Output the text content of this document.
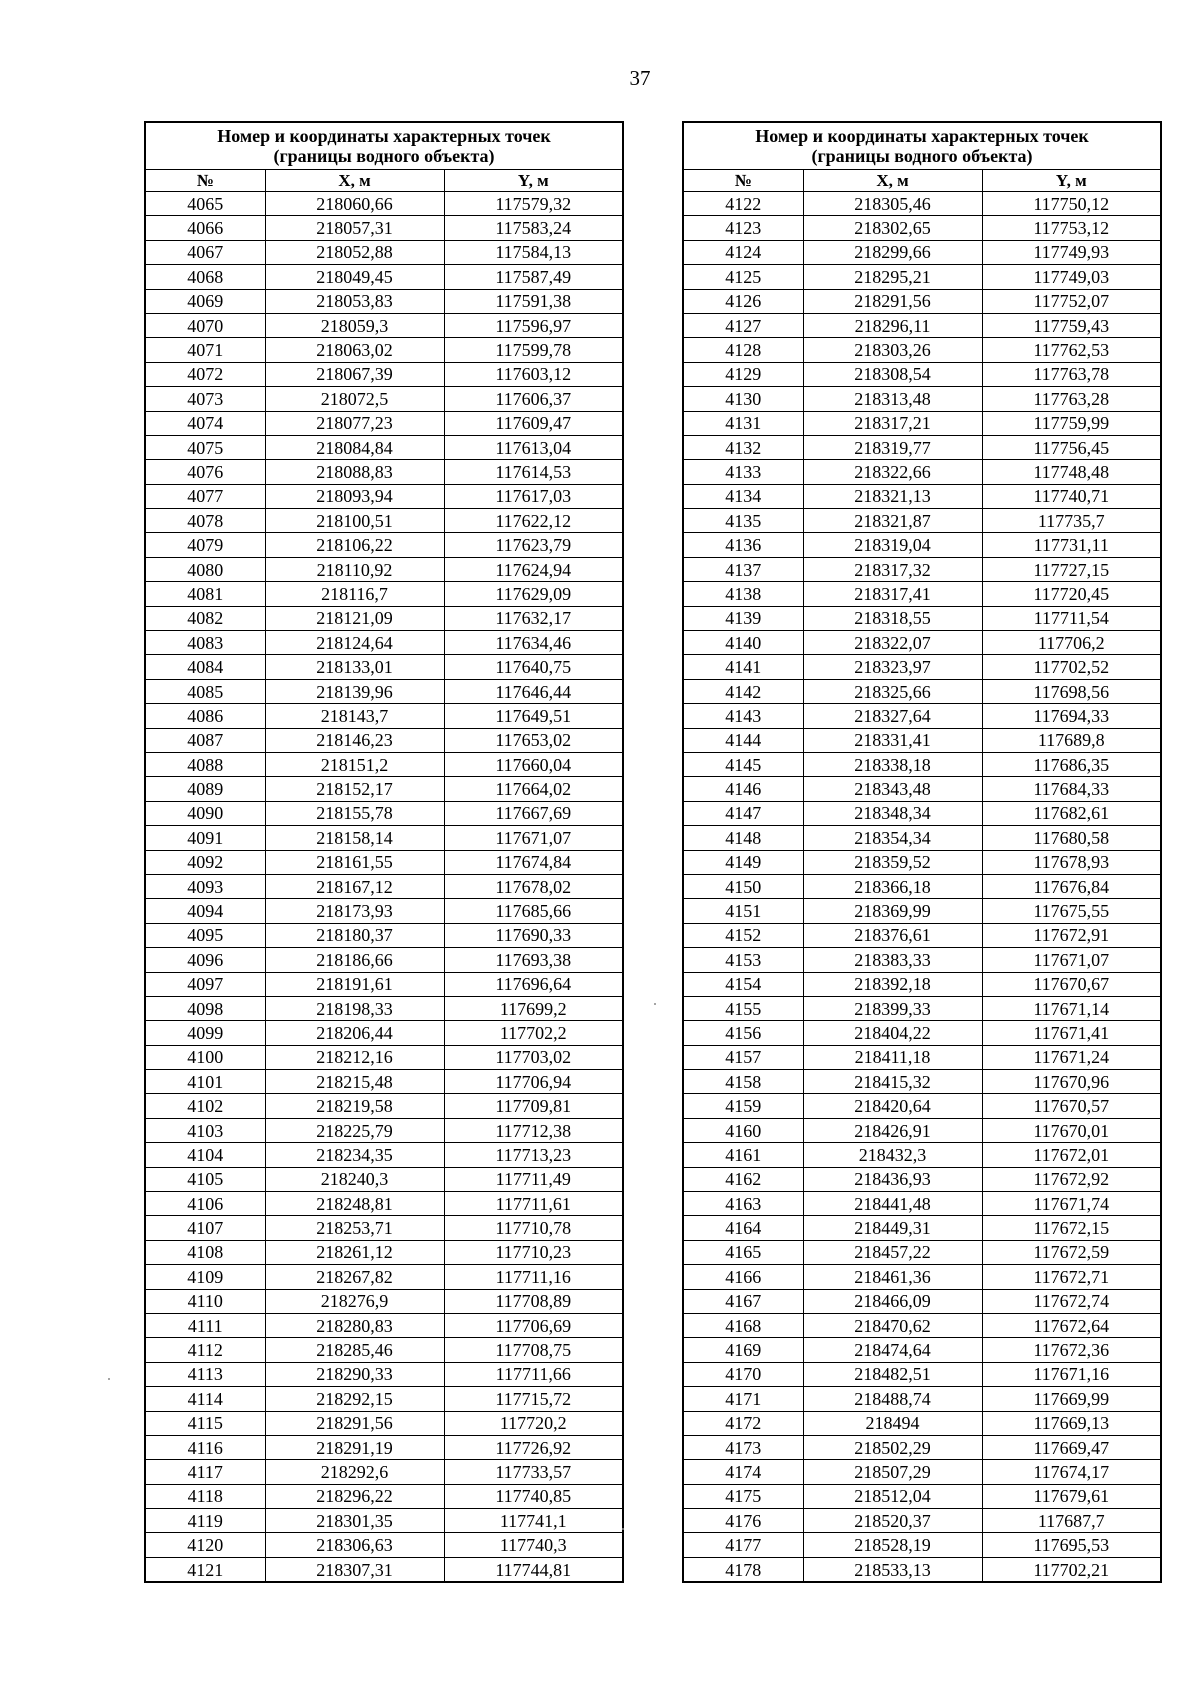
37
Номер и координаты характерных точек
(границы водного объекта)		
№	X, м	Y, м
4065	218060,66	117579,32
4066	218057,31	117583,24
4067	218052,88	117584,13
4068	218049,45	117587,49
4069	218053,83	117591,38
4070	218059,3	117596,97
4071	218063,02	117599,78
4072	218067,39	117603,12
4073	218072,5	117606,37
4074	218077,23	117609,47
4075	218084,84	117613,04
4076	218088,83	117614,53
4077	218093,94	117617,03
4078	218100,51	117622,12
4079	218106,22	117623,79
4080	218110,92	117624,94
4081	218116,7	117629,09
4082	218121,09	117632,17
4083	218124,64	117634,46
4084	218133,01	117640,75
4085	218139,96	117646,44
4086	218143,7	117649,51
4087	218146,23	117653,02
4088	218151,2	117660,04
4089	218152,17	117664,02
4090	218155,78	117667,69
4091	218158,14	117671,07
4092	218161,55	117674,84
4093	218167,12	117678,02
4094	218173,93	117685,66
4095	218180,37	117690,33
4096	218186,66	117693,38
4097	218191,61	117696,64
4098	218198,33	117699,2
4099	218206,44	117702,2
4100	218212,16	117703,02
4101	218215,48	117706,94
4102	218219,58	117709,81
4103	218225,79	117712,38
4104	218234,35	117713,23
4105	218240,3	117711,49
4106	218248,81	117711,61
4107	218253,71	117710,78
4108	218261,12	117710,23
4109	218267,82	117711,16
4110	218276,9	117708,89
4111	218280,83	117706,69
4112	218285,46	117708,75
4113	218290,33	117711,66
4114	218292,15	117715,72
4115	218291,56	117720,2
4116	218291,19	117726,92
4117	218292,6	117733,57
4118	218296,22	117740,85
4119	218301,35	117741,1
4120	218306,63	117740,3
4121	218307,31	117744,81
Номер и координаты характерных точек
(границы водного объекта)		
№	X, м	Y, м
4122	218305,46	117750,12
4123	218302,65	117753,12
4124	218299,66	117749,93
4125	218295,21	117749,03
4126	218291,56	117752,07
4127	218296,11	117759,43
4128	218303,26	117762,53
4129	218308,54	117763,78
4130	218313,48	117763,28
4131	218317,21	117759,99
4132	218319,77	117756,45
4133	218322,66	117748,48
4134	218321,13	117740,71
4135	218321,87	117735,7
4136	218319,04	117731,11
4137	218317,32	117727,15
4138	218317,41	117720,45
4139	218318,55	117711,54
4140	218322,07	117706,2
4141	218323,97	117702,52
4142	218325,66	117698,56
4143	218327,64	117694,33
4144	218331,41	117689,8
4145	218338,18	117686,35
4146	218343,48	117684,33
4147	218348,34	117682,61
4148	218354,34	117680,58
4149	218359,52	117678,93
4150	218366,18	117676,84
4151	218369,99	117675,55
4152	218376,61	117672,91
4153	218383,33	117671,07
4154	218392,18	117670,67
4155	218399,33	117671,14
4156	218404,22	117671,41
4157	218411,18	117671,24
4158	218415,32	117670,96
4159	218420,64	117670,57
4160	218426,91	117670,01
4161	218432,3	117672,01
4162	218436,93	117672,92
4163	218441,48	117671,74
4164	218449,31	117672,15
4165	218457,22	117672,59
4166	218461,36	117672,71
4167	218466,09	117672,74
4168	218470,62	117672,64
4169	218474,64	117672,36
4170	218482,51	117671,16
4171	218488,74	117669,99
4172	218494	117669,13
4173	218502,29	117669,47
4174	218507,29	117674,17
4175	218512,04	117679,61
4176	218520,37	117687,7
4177	218528,19	117695,53
4178	218533,13	117702,21
